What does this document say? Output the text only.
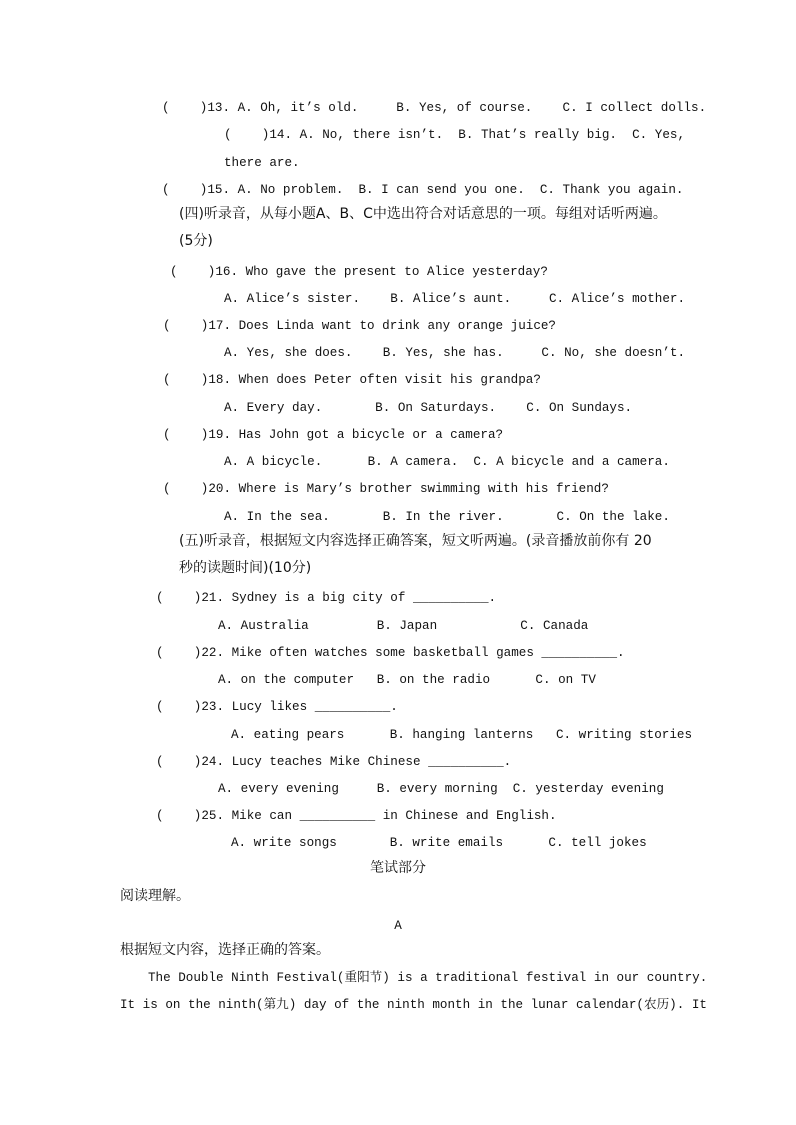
(    )13. A. Oh, it’s old.     B. Yes, of course.    C. I collect dolls.
(    )14. A. No, there isn’t.  B. That’s really big.  C. Yes,
there are.
(    )15. A. No problem.  B. I can send you one.  C. Thank you again.
(四)听录音，从每小题A、B、C中选出符合对话意思的一项。每组对话听两遍。
(5分)
(    )16. Who gave the present to Alice yesterday?
A. Alice’s sister.    B. Alice’s aunt.     C. Alice’s mother.
(    )17. Does Linda want to drink any orange juice?
A. Yes, she does.    B. Yes, she has.     C. No, she doesn’t.
(    )18. When does Peter often visit his grandpa?
A. Every day.       B. On Saturdays.    C. On Sundays.
(    )19. Has John got a bicycle or a camera?
A. A bicycle.      B. A camera.  C. A bicycle and a camera.
(    )20. Where is Mary’s brother swimming with his friend?
A. In the sea.       B. In the river.       C. On the lake.
(五)听录音，根据短文内容选择正确答案，短文听两遍。(录音播放前你有 20
秒的读题时间)(10分)
(    )21. Sydney is a big city of __________.
A. Australia         B. Japan           C. Canada
(    )22. Mike often watches some basketball games __________.
A. on the computer   B. on the radio      C. on TV
(    )23. Lucy likes __________.
A. eating pears      B. hanging lanterns   C. writing stories
(    )24. Lucy teaches Mike Chinese __________.
A. every evening     B. every morning  C. yesterday evening
(    )25. Mike can __________ in Chinese and English.
A. write songs       B. write emails      C. tell jokes
笔试部分
阅读理解。
A
根据短文内容，选择正确的答案。
The Double Ninth Festival(重阳节) is a traditional festival in our country.
It is on the ninth(第九) day of the ninth month in the lunar calendar(农历). It
